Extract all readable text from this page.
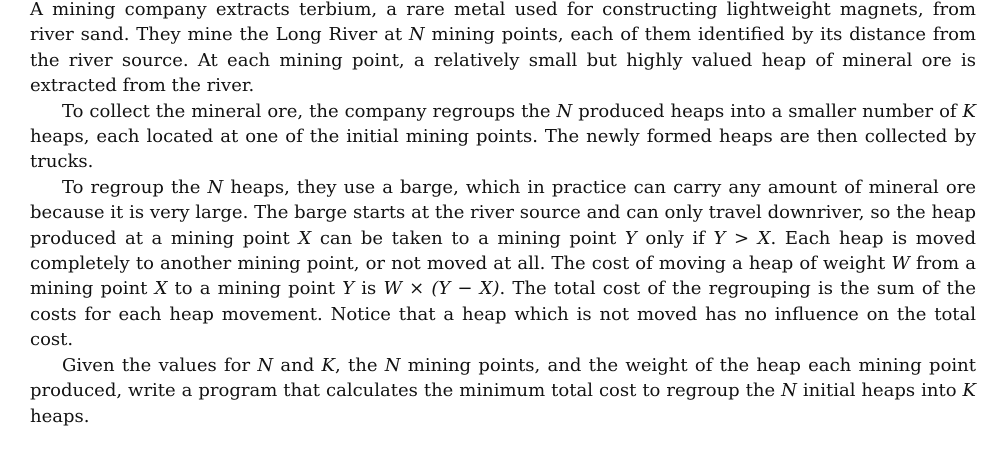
A mining company extracts terbium, a rare metal used for constructing lightweight magnets, from river sand. They mine the Long River at N mining points, each of them identified by its distance from the river source. At each mining point, a relatively small but highly valued heap of mineral ore is extracted from the river.

To collect the mineral ore, the company regroups the N produced heaps into a smaller number of K heaps, each located at one of the initial mining points. The newly formed heaps are then collected by trucks.

To regroup the N heaps, they use a barge, which in practice can carry any amount of mineral ore because it is very large. The barge starts at the river source and can only travel downriver, so the heap produced at a mining point X can be taken to a mining point Y only if Y > X. Each heap is moved completely to another mining point, or not moved at all. The cost of moving a heap of weight W from a mining point X to a mining point Y is W × (Y − X). The total cost of the regrouping is the sum of the costs for each heap movement. Notice that a heap which is not moved has no influence on the total cost.

Given the values for N and K, the N mining points, and the weight of the heap each mining point produced, write a program that calculates the minimum total cost to regroup the N initial heaps into K heaps.
